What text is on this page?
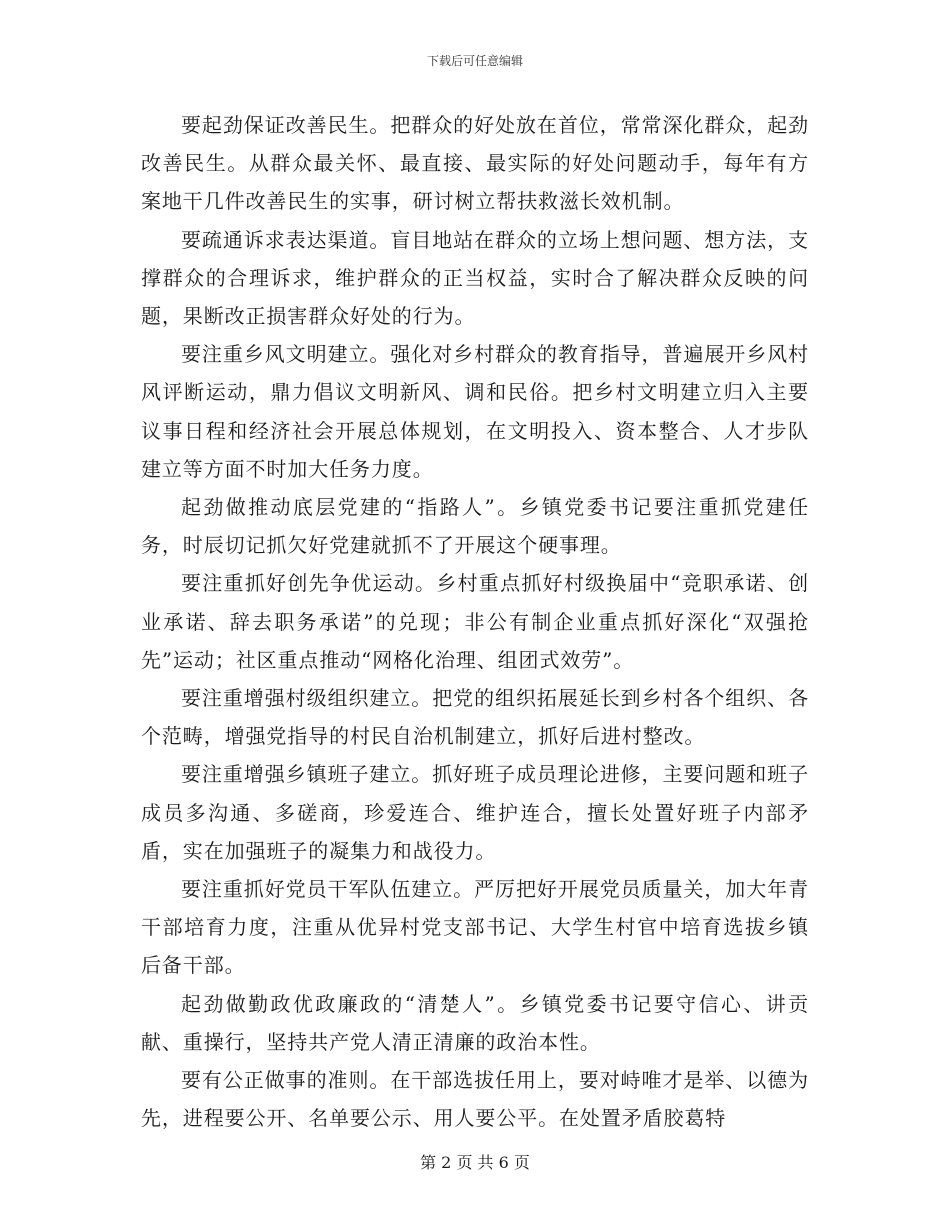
下载后可任意编辑

要起劲保证改善民生。把群众的好处放在首位，常常深化群众，起劲改善民生。从群众最关怀、最直接、最实际的好处问题动手，每年有方案地干几件改善民生的实事，研讨树立帮扶救滋长效机制。

要疏通诉求表达渠道。盲目地站在群众的立场上想问题、想方法，支撑群众的合理诉求，维护群众的正当权益，实时合了解决群众反映的问题，果断改正损害群众好处的行为。

要注重乡风文明建立。强化对乡村群众的教育指导，普遍展开乡风村风评断运动，鼎力倡议文明新风、调和民俗。把乡村文明建立归入主要议事日程和经济社会开展总体规划，在文明投入、资本整合、人才步队建立等方面不时加大任务力度。

起劲做推动底层党建的“指路人”。乡镇党委书记要注重抓党建任务，时辰切记抓欠好党建就抓不了开展这个硬事理。

要注重抓好创先争优运动。乡村重点抓好村级换届中“竞职承诺、创业承诺、辞去职务承诺”的兑现；非公有制企业重点抓好深化“双强抢先”运动；社区重点推动“网格化治理、组团式效劳”。

要注重增强村级组织建立。把党的组织拓展延长到乡村各个组织、各个范畴，增强党指导的村民自治机制建立，抓好后进村整改。

要注重增强乡镇班子建立。抓好班子成员理论进修，主要问题和班子成员多沟通、多磋商，珍爱连合、维护连合，擅长处置好班子内部矛盾，实在加强班子的凝集力和战役力。

要注重抓好党员干军队伍建立。严厉把好开展党员质量关，加大年青干部培育力度，注重从优异村党支部书记、大学生村官中培育选拔乡镇后备干部。

起劲做勤政优政廉政的“清楚人”。乡镇党委书记要守信心、讲贡献、重操行，坚持共产党人清正清廉的政治本性。

要有公正做事的准则。在干部选拔任用上，要对峙唯才是举、以德为先，进程要公开、名单要公示、用人要公平。在处置矛盾胶葛特

第 2 页 共 6 页
